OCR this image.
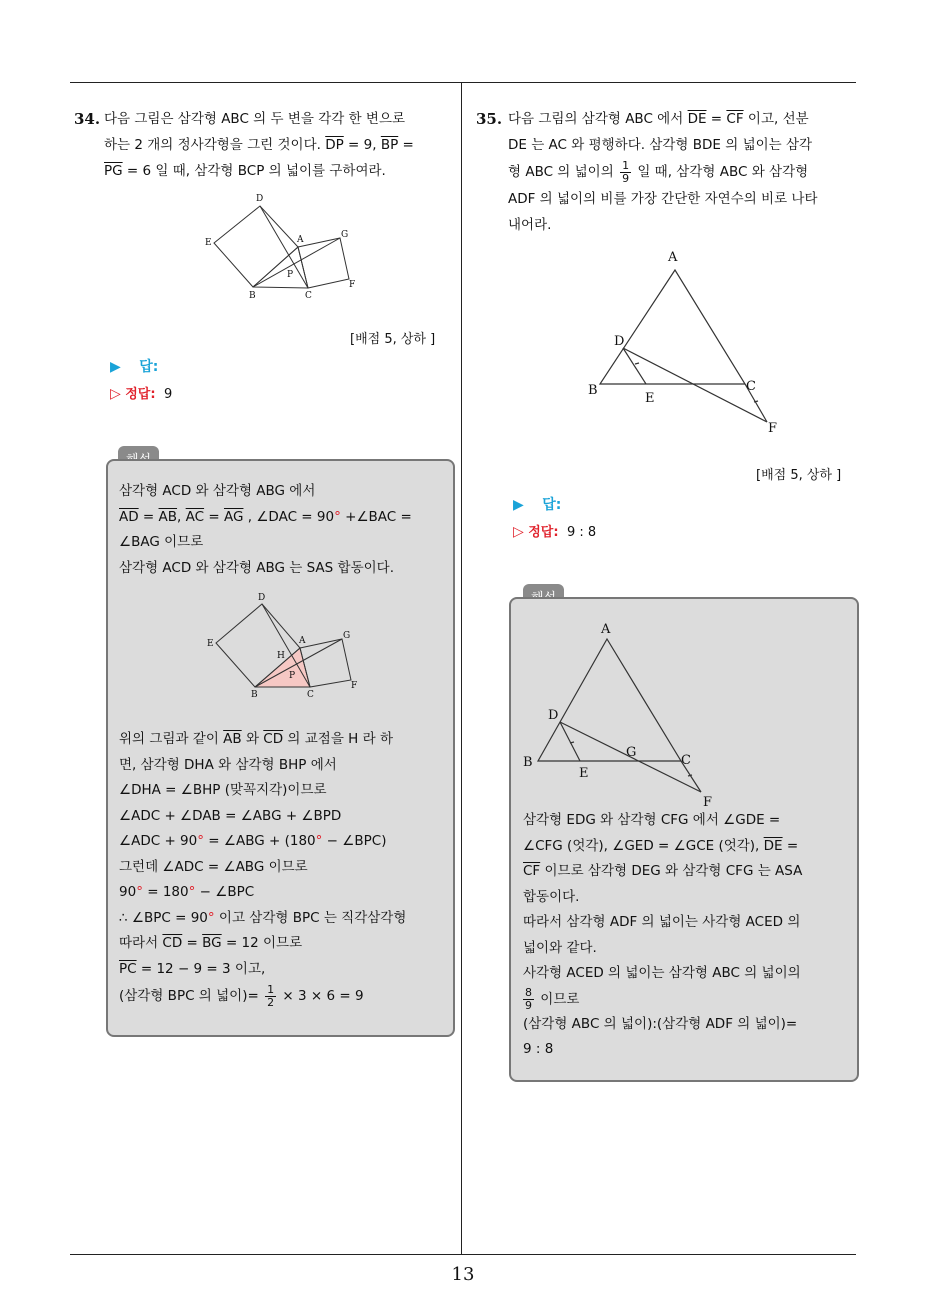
13
34. 다음 그림은 삼각형 ABC 의 두 변을 각각 한 변으로
하는 2 개의 정사각형을 그린 것이다. $\overline{DP} = 9$, $\overline{BP}$ =
$\overline{PG} = 6$ 일 때, 삼각형 BCP 의 넓이를 구하여라.
D
E	A	G
P
B	C
F
[배점 5, 상하 ]
▶ 답:
▷ 정답: 9
삼각형 ACD 와 삼각형 ABG 에서
$\overline{AD} = \overline{AB}$, $\overline{AC} = \overline{AG}$ , ∠DAC = 90° +∠BAC =
∠BAG 이므로
삼각형 ACD 와 삼각형 ABG 는 SAS 합동이다.
D
E	A	G
H
P
B	C
F
위의 그림과 같이 $\overline{AB}$ 와 $\overline{CD}$ 의 교점을 H 라 하
면, 삼각형 DHA 와 삼각형 BHP 에서
∠DHA = ∠BHP (맞꼭지각)이므로
∠ADC + ∠DAB = ∠ABG + ∠BPD
∠ADC + 90° = ∠ABG + (180° − ∠BPC)
그런데 ∠ADC = ∠ABG 이므로
90° = 180° − ∠BPC
∴ ∠BPC = 90° 이고 삼각형 BPC 는 직각삼각형
따라서 $\overline{CD} = \overline{BG} = 12$ 이므로
$\overline{PC} = 12 - 9 = 3$ 이고,
(삼각형 BPC 의 넓이)= $\frac{1}{2} \times 3 \times 6 = 9$
35. 다음 그림의 삼각형 ABC 에서 $\overline{DE} = \overline{CF}$ 이고, 선분
DE 는 AC 와 평행하다. 삼각형 BDE 의 넓이는 삼각
형 ABC 의 넓이의 $\frac{1}{9}$ 일 때, 삼각형 ABC 와 삼각형
ADF 의 넓이의 비를 가장 간단한 자연수의 비로 나타
내어라.
A
B	C
D
E
F
[배점 5, 상하 ]
▶ 답:
▷ 정답: 9 : 8
A
B	C
D
E
F
G
삼각형 EDG 와 삼각형 CFG 에서 ∠GDE =
∠CFG (엇각), ∠GED = ∠GCE (엇각), $\overline{DE}$ =
$\overline{CF}$ 이므로 삼각형 DEG 와 삼각형 CFG 는 ASA
합동이다.
따라서 삼각형 ADF 의 넓이는 사각형 ACED 의
넓이와 같다.
사각형 ACED 의 넓이는 삼각형 ABC 의 넓이의
$\frac{8}{9}$ 이므로
(삼각형 ABC 의 넓이):(삼각형 ADF 의 넓이)=
9 : 8
